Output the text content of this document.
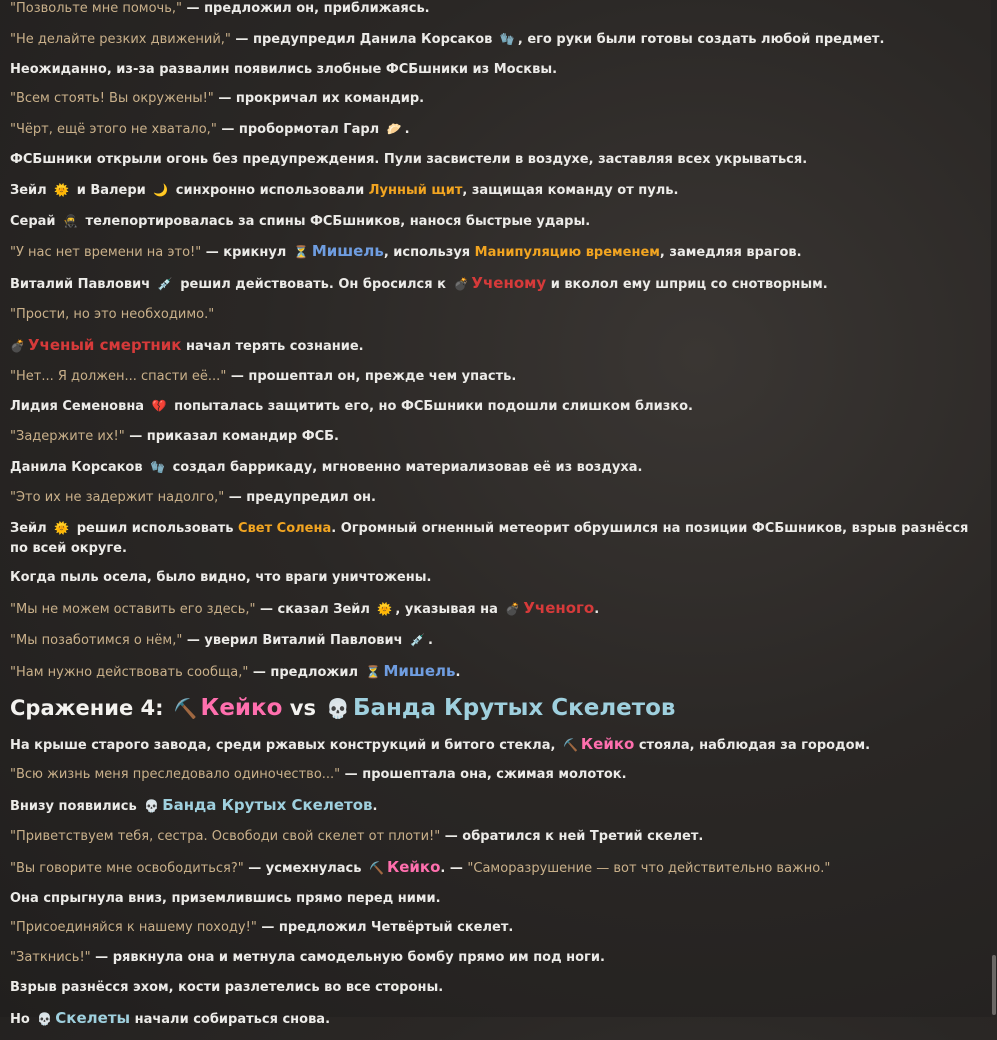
"Позвольте мне помочь," — предложил он, приближаясь.
"Не делайте резких движений," — предупредил Данила Корсаков 🧤 , его руки были готовы создать любой предмет.
Неожиданно, из-за развалин появились злобные ФСБшники из Москвы.
"Всем стоять! Вы окружены!" — прокричал их командир.
"Чёрт, ещё этого не хватало," — пробормотал Гарл 🥟 .
ФСБшники открыли огонь без предупреждения. Пули засвистели в воздухе, заставляя всех укрываться.
Зейл 🌞 и Валери 🌙 синхронно использовали Лунный щит, защищая команду от пуль.
Серай 🥷 телепортировалась за спины ФСБшников, нанося быстрые удары.
"У нас нет времени на это!" — крикнул ⏳ Мишель, используя Манипуляцию временем, замедляя врагов.
Виталий Павлович 💉 решил действовать. Он бросился к 💣 Ученому и вколол ему шприц со снотворным.
"Прости, но это необходимо."
💣 Ученый смертник начал терять сознание.
"Нет... Я должен... спасти её..." — прошептал он, прежде чем упасть.
Лидия Семеновна 💔 попыталась защитить его, но ФСБшники подошли слишком близко.
"Задержите их!" — приказал командир ФСБ.
Данила Корсаков 🧤 создал баррикаду, мгновенно материализовав её из воздуха.
"Это их не задержит надолго," — предупредил он.
Зейл 🌞 решил использовать Свет Солена. Огромный огненный метеорит обрушился на позиции ФСБшников, взрыв разнёсся по всей округе.
Когда пыль осела, было видно, что враги уничтожены.
"Мы не можем оставить его здесь," — сказал Зейл 🌞 , указывая на 💣 Ученого.
"Мы позаботимся о нём," — уверил Виталий Павлович 💉 .
"Нам нужно действовать сообща," — предложил ⏳ Мишель.
Сражение 4: ⛏️ Кейко vs 💀 Банда Крутых Скелетов
На крыше старого завода, среди ржавых конструкций и битого стекла, ⛏️ Кейко стояла, наблюдая за городом.
"Всю жизнь меня преследовало одиночество..." — прошептала она, сжимая молоток.
Внизу появились 💀 Банда Крутых Скелетов.
"Приветствуем тебя, сестра. Освободи свой скелет от плоти!" — обратился к ней Третий скелет.
"Вы говорите мне освободиться?" — усмехнулась ⛏️ Кейко. — "Саморазрушение — вот что действительно важно."
Она спрыгнула вниз, приземлившись прямо перед ними.
"Присоединяйся к нашему походу!" — предложил Четвёртый скелет.
"Заткнись!" — рявкнула она и метнула самодельную бомбу прямо им под ноги.
Взрыв разнёсся эхом, кости разлетелись во все стороны.
Но 💀 Скелеты начали собираться снова.
